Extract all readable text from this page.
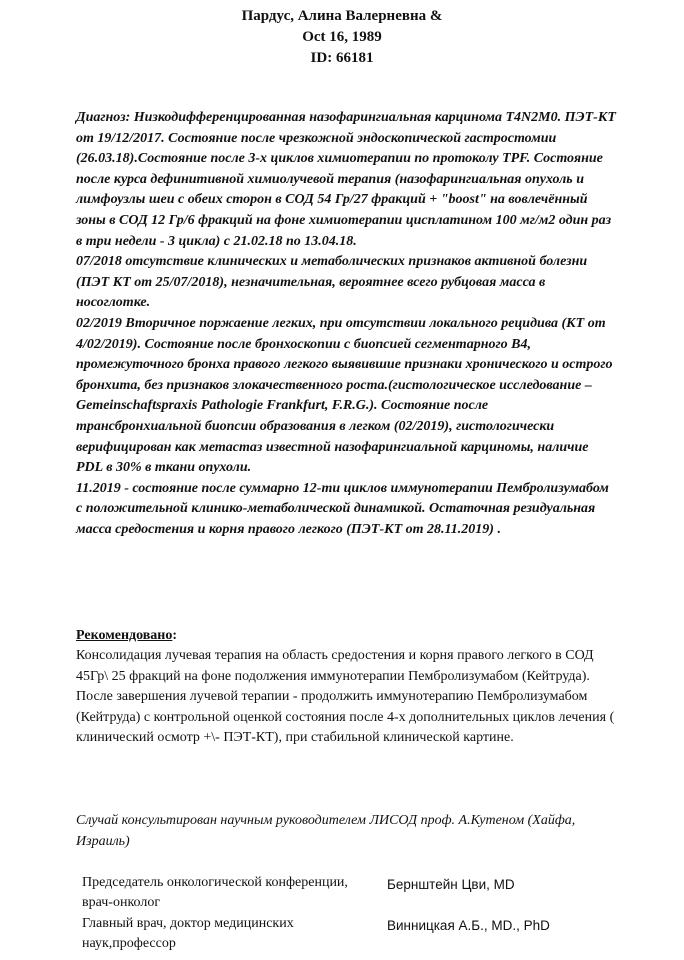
Пардус, Алина Валерневна &
Oct 16, 1989
ID: 66181

Диагноз: Низкодифференцированная назофарингиальная карцинома T4N2M0. ПЭТ-КТ от 19/12/2017. Состояние после чрезкожной эндоскопической гастростомии (26.03.18).Состояние после 3-х циклов химиотерапии по протоколу TPF. Состояние после курса дефинитивной химиолучевой терапия (назофарингиальная опухоль и лимфоузлы шеи с обеих сторон в СОД 54 Гр/27 фракций + "boost" на вовлечённый зоны в СОД 12 Гр/6 фракций на фоне химиотерапии цисплатином 100 мг/м2 один раз в три недели - 3 цикла) с 21.02.18 по 13.04.18.

07/2018 отсутствие клинических и метаболических признаков активной болезни (ПЭТ КТ от 25/07/2018), незначительная, вероятнее всего рубцовая масса в носоглотке.

02/2019 Вторичное поржаение легких, при отсутствии локального рецидива (КТ от 4/02/2019). Состояние после бронхоскопии с биопсией сегментарного B4, промежуточного бронха правого легкого выявившие признаки хронического и острого бронхита, без признаков злокачественного роста.(гистологическое исследование – Gemeinschaftspraxis Pathologie Frankfurt, F.R.G.). Состояние после трансбронхиальной биопсии образования в легком (02/2019), гистологически верифицирован как метастаз известной назофарингиальной карциномы, наличие PDL в 30% в ткани опухоли.

11.2019 - состояние после суммарно 12-ти циклов иммунотерапии Пембролизумабом с положительной клинико-метаболической динамикой. Остаточная резидуальная масса средостения и корня правого легкого (ПЭТ-КТ от 28.11.2019) .

Рекомендовано:

Консолидация лучевая терапия на область средостения и корня правого легкого в СОД 45Гр\ 25 фракций на фоне подолжения иммунотерапии Пембролизумабом (Кейтруда).

После завершения лучевой терапии - продолжить иммунотерапию Пембролизумабом (Кейтруда) с контрольной оценкой состояния после 4-х дополнительных циклов лечения ( клинический осмотр +\- ПЭТ-КТ), при стабильной клинической картине.

Случай консультирован научным руководителем ЛИСОД проф. А.Кутеном (Хайфа, Израиль)
Председатель онкологической конференции, врач-онколог
Бернштейн Цви, MD
Главный врач, доктор медицинских наук,профессор
Винницкая А.Б., MD., PhD
